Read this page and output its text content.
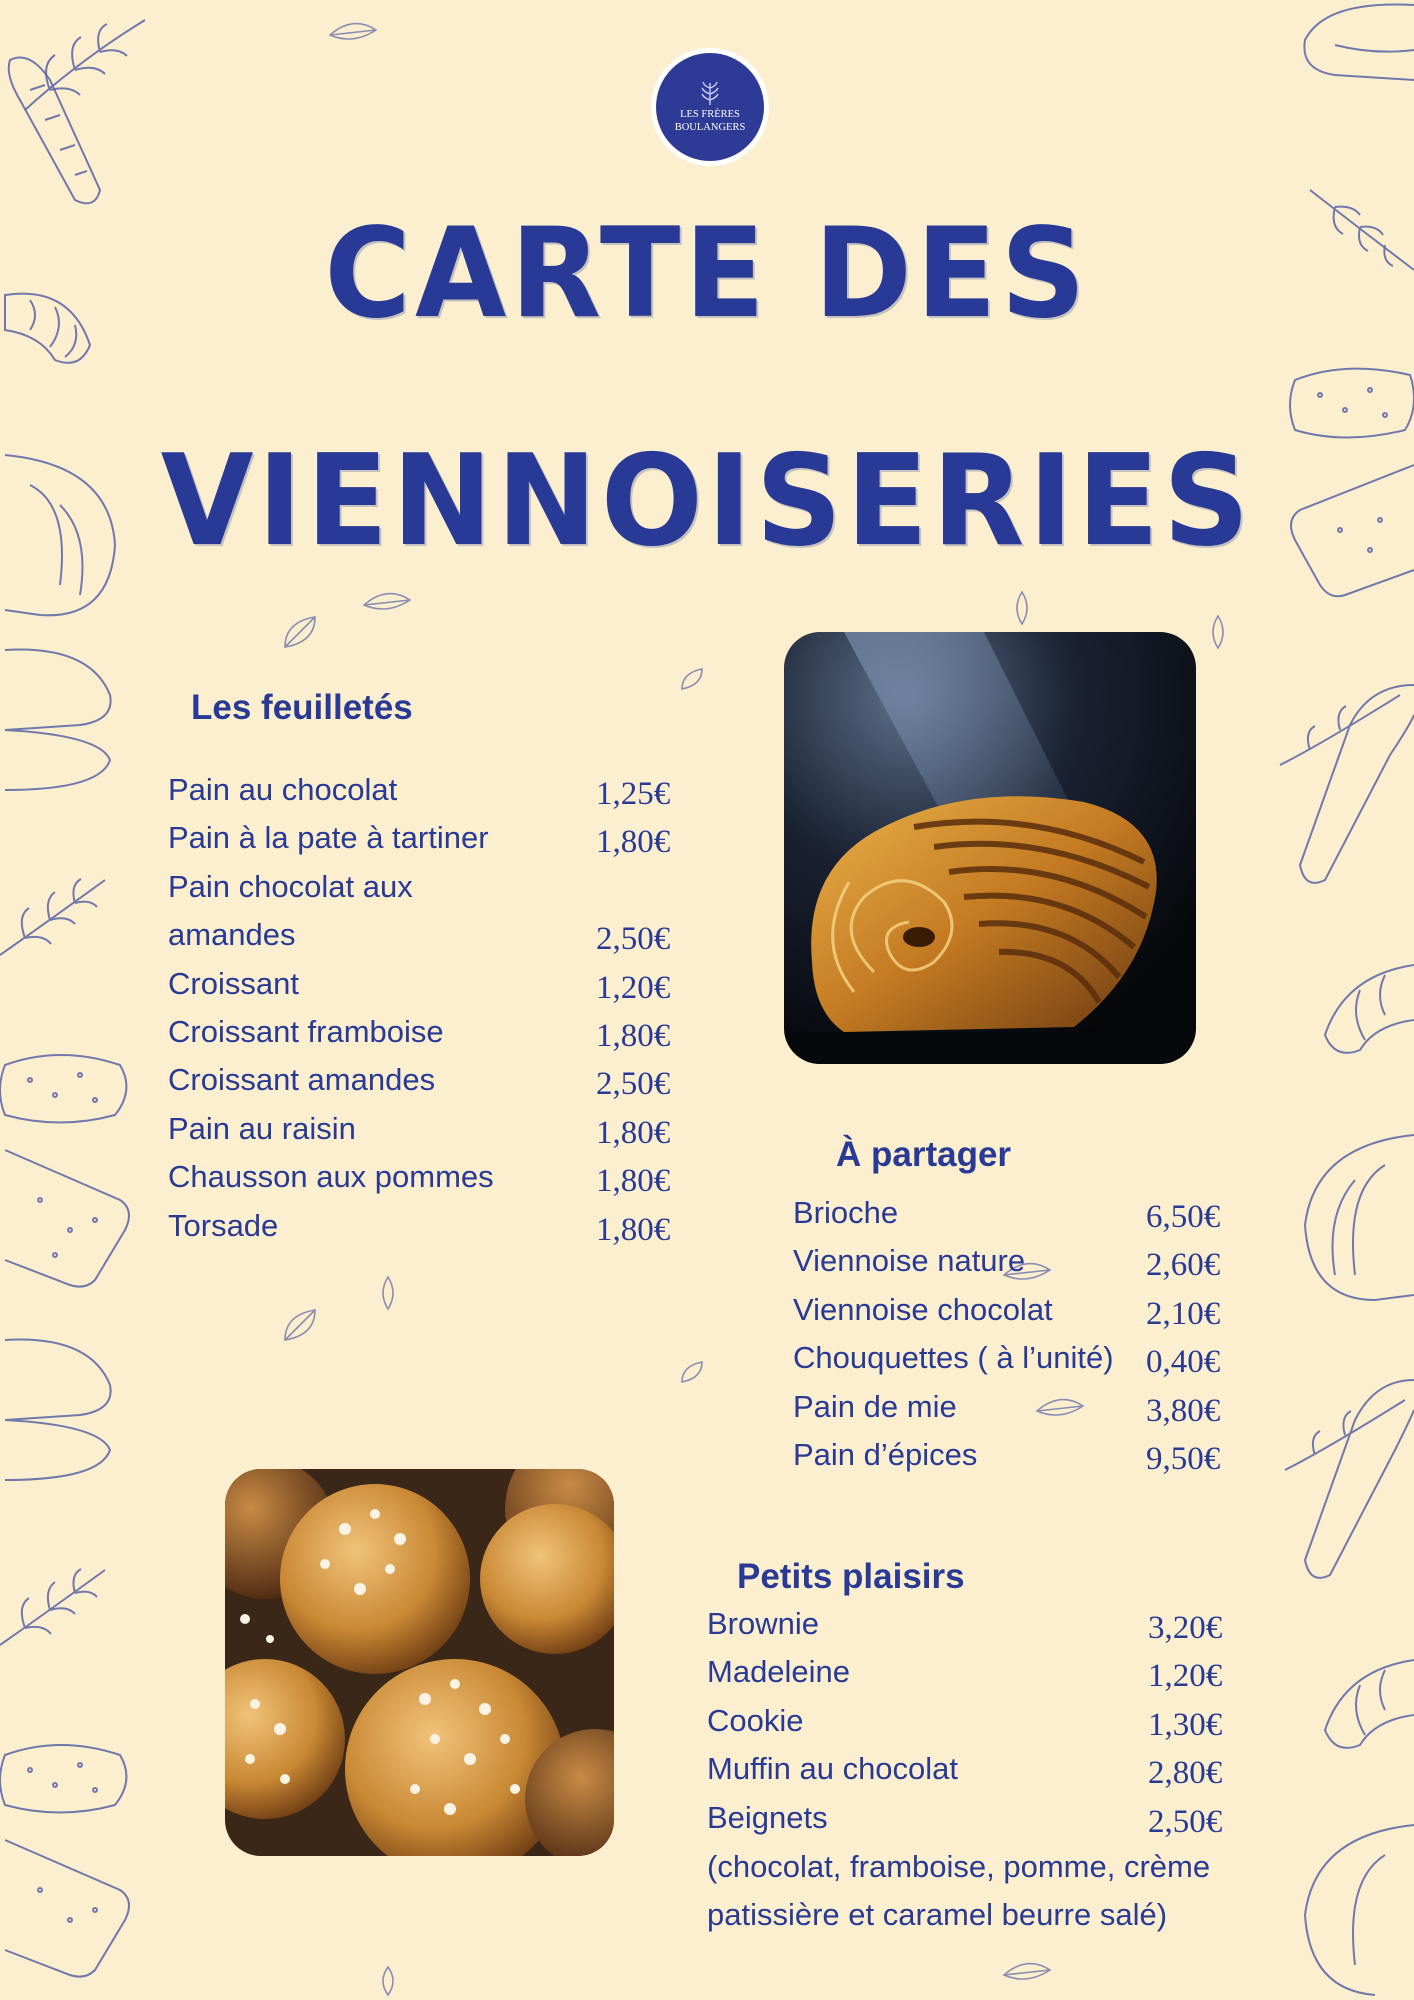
LES FRÈRES
BOULANGERS
CARTE DES
VIENNOISERIES
Les feuilletés
Pain au chocolat	1,25€
Pain à la pate à tartiner	1,80€
Pain chocolat aux
amandes	2,50€
Croissant	1,20€
Croissant framboise	1,80€
Croissant amandes	2,50€
Pain au raisin	1,80€
Chausson aux pommes	1,80€
Torsade	1,80€
À partager
Brioche	6,50€
Viennoise nature	2,60€
Viennoise chocolat	2,10€
Chouquettes ( à l’unité) 0,40€
Pain de mie	3,80€
Pain d’épices	9,50€
Petits plaisirs
Brownie	3,20€
Madeleine	1,20€
Cookie	1,30€
Muffin au chocolat	2,80€
Beignets	2,50€
(chocolat, framboise, pomme, crème
patissière et caramel beurre salé)
